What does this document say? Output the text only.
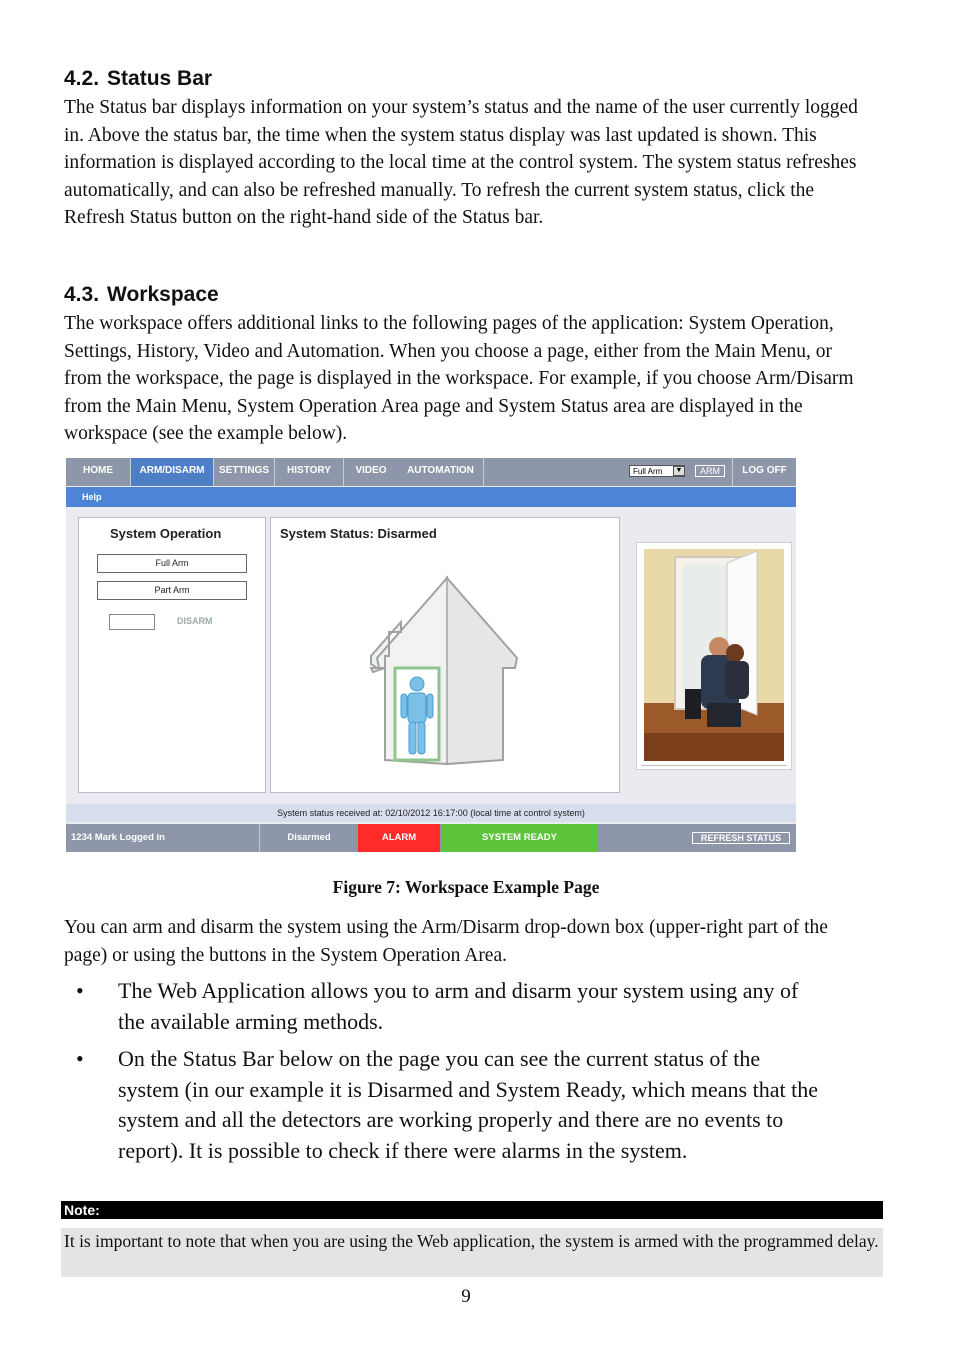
4.2. Status Bar

The Status bar displays information on your system’s status and the name of the user currently logged in. Above the status bar, the time when the system status display was last updated is shown. This information is displayed according to the local time at the control system. The system status refreshes automatically, and can also be refreshed manually. To refresh the current system status, click the Refresh Status button on the right-hand side of the Status bar.

4.3. Workspace

The workspace offers additional links to the following pages of the application: System Operation, Settings, History, Video and Automation. When you choose a page, either from the Main Menu, or from the workspace, the page is displayed in the workspace. For example, if you choose Arm/Disarm from the Main Menu, System Operation Area page and System Status area are displayed in the workspace (see the example below).

HOME	ARM/DISARM	SETTINGS	HISTORY	VIDEO	AUTOMATION	Full Arm	▼	ARM	LOG OFF
Help
System Operation
Full Arm
Part Arm
DISARM
System Status: Disarmed
System status received at: 02/10/2012 16:17:00 (local time at control system)
1234 Mark Logged in	Disarmed	ALARM	SYSTEM READY	REFRESH STATUS
Figure 7: Workspace Example Page

You can arm and disarm the system using the Arm/Disarm drop-down box (upper-right part of the page) or using the buttons in the System Operation Area.

• The Web Application allows you to arm and disarm your system using any of the available arming methods.
• On the Status Bar below on the page you can see the current status of the system (in our example it is Disarmed and System Ready, which means that the system and all the detectors are working properly and there are no events to report). It is possible to check if there were alarms in the system.
Note:
It is important to note that when you are using the Web application, the system is armed with the programmed delay.
9
